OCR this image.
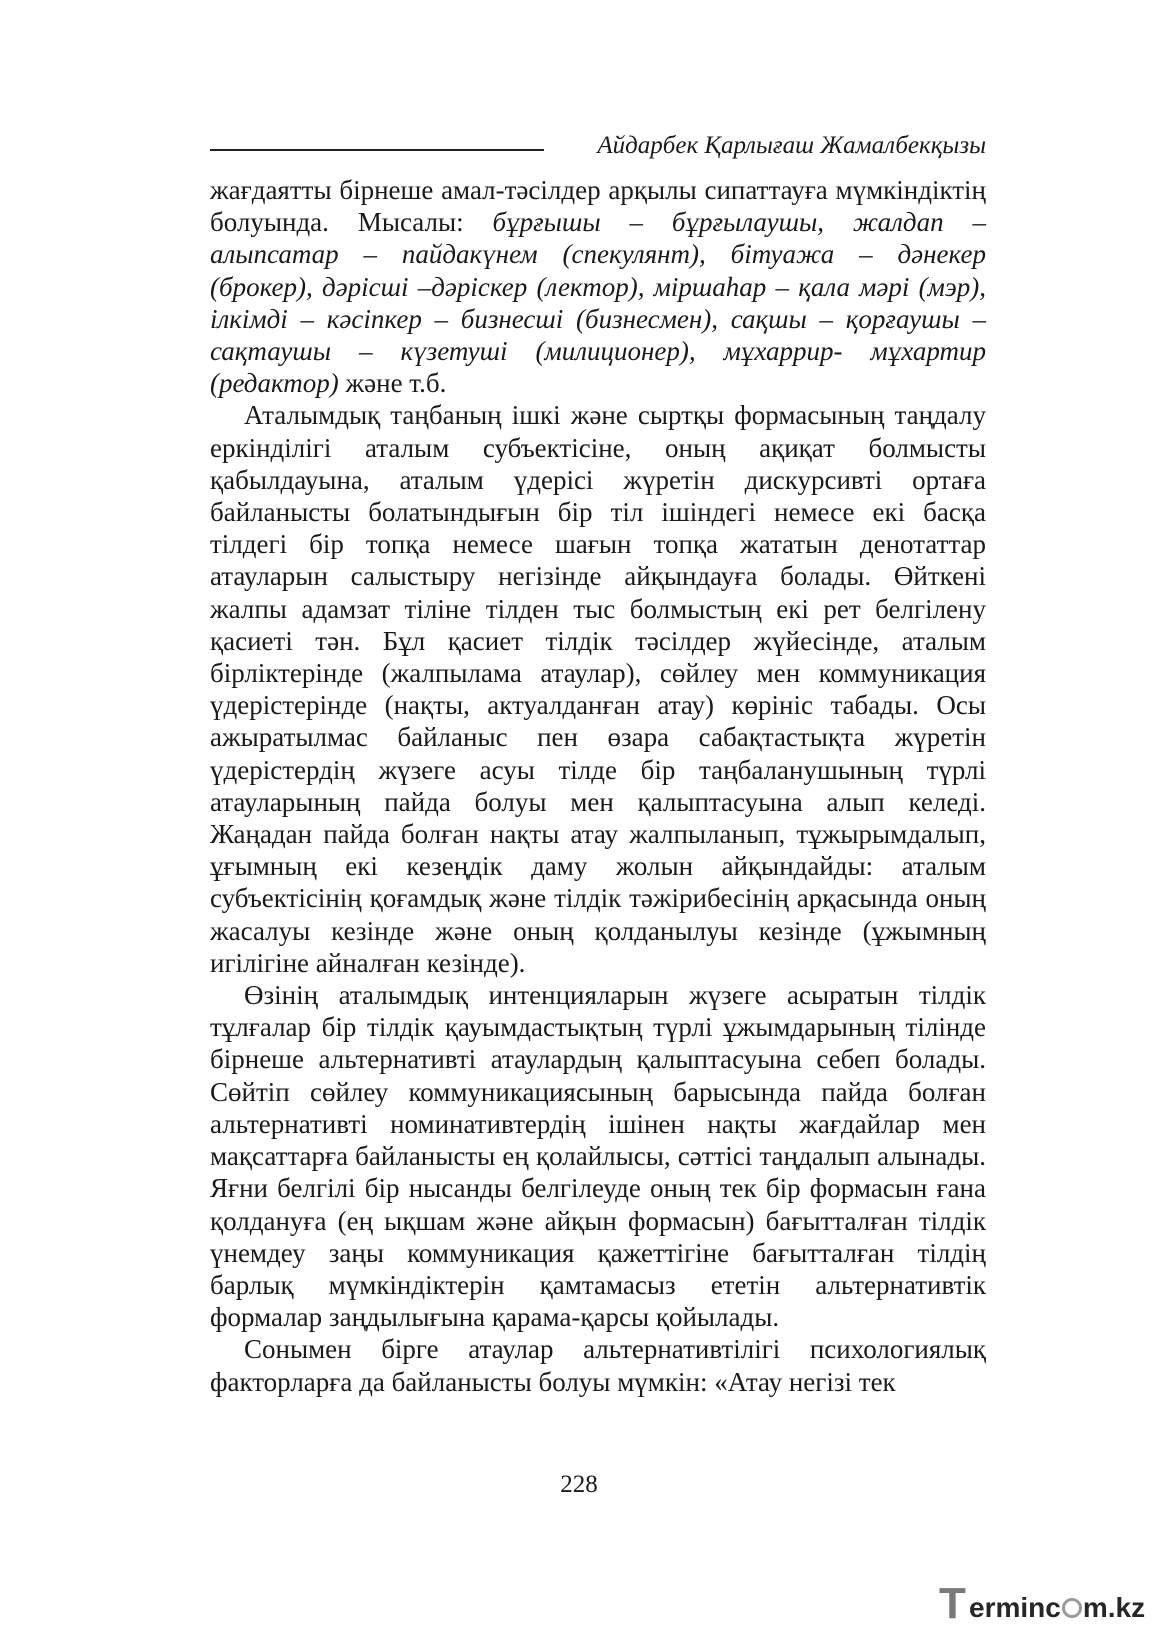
Айдарбек Қарлығаш Жамалбекқызы

жағдаятты бірнеше амал-тәсілдер арқылы сипаттауға мүмкіндіктің болуында. Мысалы: бұрғышы – бұрғылаушы, жалдап – алыпсатар – пайдакүнем (спекулянт), бітуажа – дәнекер (брокер), дәрісші –дәрiскер (лектор), міршаһар – қала мәрі (мэр), ілкімді – кәсіпкер – бизнесші (бизнесмен), сақшы – қорғаушы – сақтаушы – күзетуші (милиционер), мұхаррир- мұхартир (редактор) және т.б.

Аталымдық таңбаның ішкі және сыртқы формасының таңдалу еркінділігі аталым субъектісіне, оның ақиқат болмысты қабылдауына, аталым үдерісі жүретін дискурсивті ортаға байланысты болатындығын бір тіл ішіндегі немесе екі басқа тілдегі бір топқа немесе шағын топқа жататын денотаттар атауларын салыстыру негізінде айқындауға болады. Өйткені жалпы адамзат тіліне тілден тыс болмыстың екі рет белгілену қасиеті тән. Бұл қасиет тілдік тәсілдер жүйесінде, аталым бірліктерінде (жалпылама атаулар), сөйлеу мен коммуникация үдерістерінде (нақты, актуалданған атау) көрініс табады. Осы ажыратылмас байланыс пен өзара сабақтастықта жүретін үдерістердің жүзеге асуы тілде бір таңбаланушының түрлі атауларының пайда болуы мен қалыптасуына алып келеді. Жаңадан пайда болған нақты атау жалпыланып, тұжырымдалып, ұғымның екі кезеңдік даму жолын айқындайды: аталым субъектісінің қоғамдық және тілдік тәжірибесінің арқасында оның жасалуы кезінде және оның қолданылуы кезінде (ұжымның игілігіне айналған кезінде).

Өзінің аталымдық интенцияларын жүзеге асыратын тілдік тұлғалар бір тілдік қауымдастықтың түрлі ұжымдарының тілінде бірнеше альтернативті атаулардың қалыптасуына себеп болады. Сөйтіп сөйлеу коммуникациясының барысында пайда болған альтернативті номинативтердің ішінен нақты жағдайлар мен мақсаттарға байланысты ең қолайлысы, сәттісі таңдалып алынады. Яғни белгілі бір нысанды белгілеуде оның тек бір формасын ғана қолдануға (ең ықшам және айқын формасын) бағытталған тілдік үнемдеу заңы коммуникация қажеттігіне бағытталған тілдің барлық мүмкіндіктерін қамтамасыз ететін альтернативтік формалар заңдылығына қарама-қарсы қойылады.

Сонымен бірге атаулар альтернативтілігі психологиялық факторларға да байланысты болуы мүмкін: «Атау негізі тек

228
T erminc m.kz
